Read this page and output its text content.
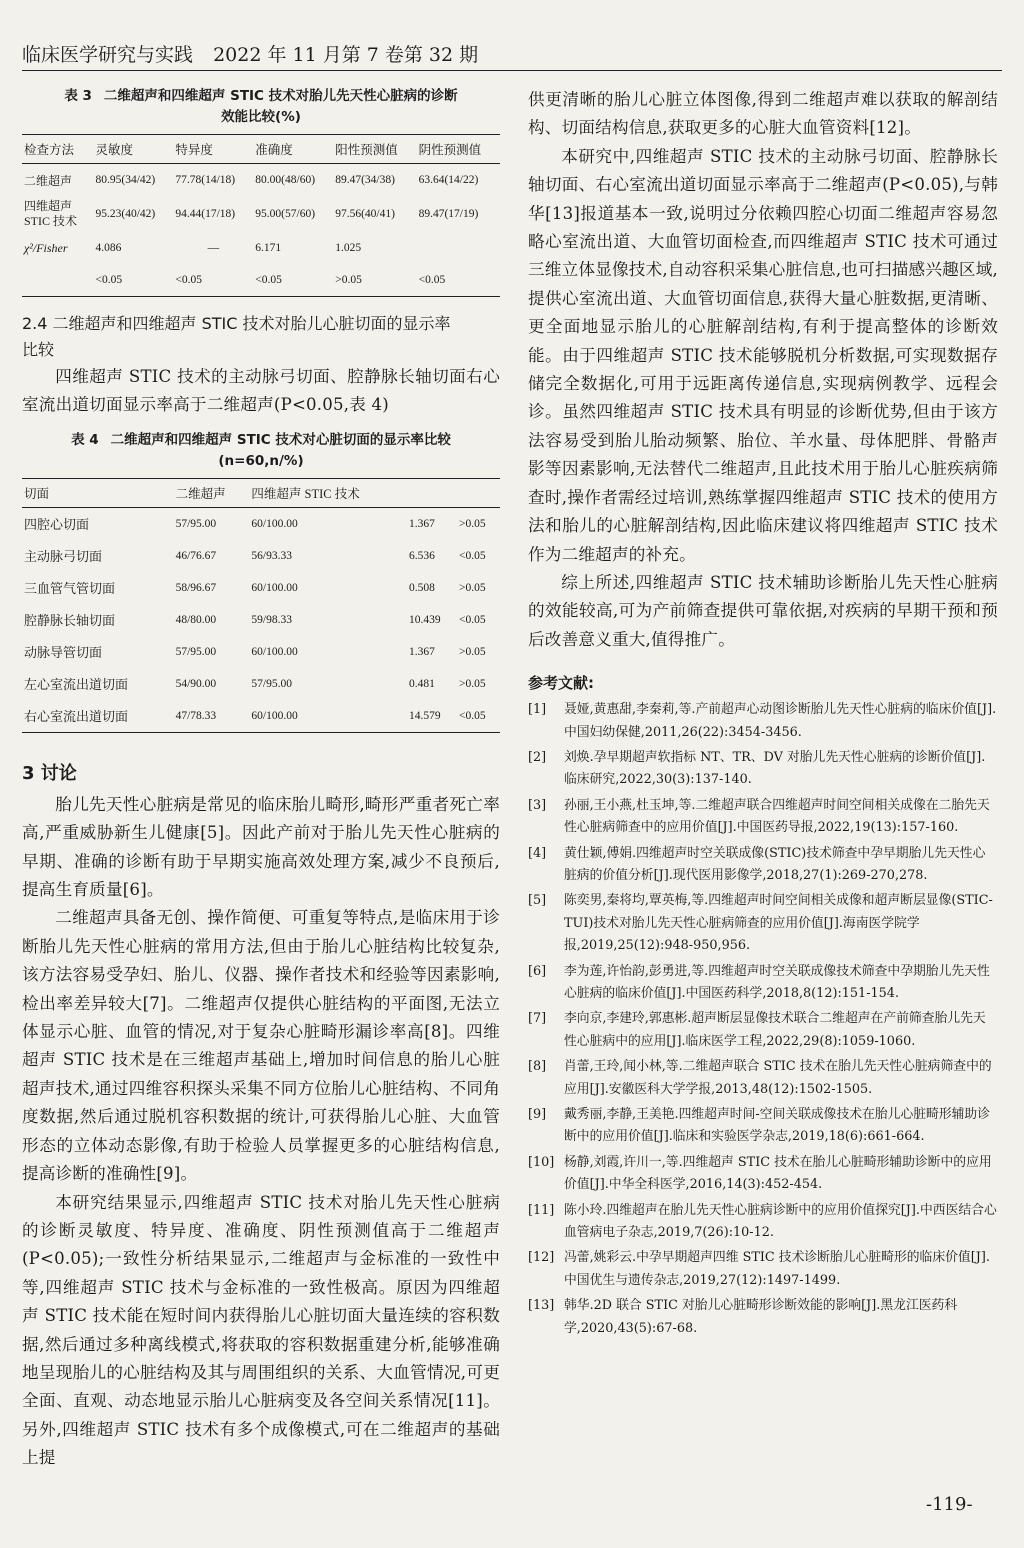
临床医学研究与实践 2022 年 11 月第 7 卷第 32 期
表 3 二维超声和四维超声 STIC 技术对胎儿先天性心脏病的诊断
效能比较(%)
检查方法	灵敏度	特异度	准确度	阳性预测值	阴性预测值
二维超声	80.95(34/42)	77.78(14/18)	80.00(48/60)	89.47(34/38)	63.64(14/22)
四维超声
STIC 技术	95.23(40/42)	94.44(17/18)	95.00(57/60)	97.56(40/41)	89.47(17/19)
χ²/Fisher	4.086	—	6.171	1.025	
	<0.05	<0.05	<0.05	>0.05	<0.05
2.4 二维超声和四维超声 STIC 技术对胎儿心脏切面的显示率
比较

四维超声 STIC 技术的主动脉弓切面、腔静脉长轴切面右心室流出道切面显示率高于二维超声(P<0.05,表 4)

表 4 二维超声和四维超声 STIC 技术对心脏切面的显示率比较
(n=60,n/%)
切面	二维超声	四维超声 STIC 技术		
四腔心切面	57/95.00	60/100.00	1.367	>0.05
主动脉弓切面	46/76.67	56/93.33	6.536	<0.05
三血管气管切面	58/96.67	60/100.00	0.508	>0.05
腔静脉长轴切面	48/80.00	59/98.33	10.439	<0.05
动脉导管切面	57/95.00	60/100.00	1.367	>0.05
左心室流出道切面	54/90.00	57/95.00	0.481	>0.05
右心室流出道切面	47/78.33	60/100.00	14.579	<0.05
3 讨论

胎儿先天性心脏病是常见的临床胎儿畸形,畸形严重者死亡率高,严重威胁新生儿健康[5]。因此产前对于胎儿先天性心脏病的早期、准确的诊断有助于早期实施高效处理方案,减少不良预后,提高生育质量[6]。

二维超声具备无创、操作简便、可重复等特点,是临床用于诊断胎儿先天性心脏病的常用方法,但由于胎儿心脏结构比较复杂,该方法容易受孕妇、胎儿、仪器、操作者技术和经验等因素影响,检出率差异较大[7]。二维超声仅提供心脏结构的平面图,无法立体显示心脏、血管的情况,对于复杂心脏畸形漏诊率高[8]。四维超声 STIC 技术是在三维超声基础上,增加时间信息的胎儿心脏超声技术,通过四维容积探头采集不同方位胎儿心脏结构、不同角度数据,然后通过脱机容积数据的统计,可获得胎儿心脏、大血管形态的立体动态影像,有助于检验人员掌握更多的心脏结构信息,提高诊断的准确性[9]。

本研究结果显示,四维超声 STIC 技术对胎儿先天性心脏病的诊断灵敏度、特异度、准确度、阴性预测值高于二维超声(P<0.05);一致性分析结果显示,二维超声与金标准的一致性中等,四维超声 STIC 技术与金标准的一致性极高。原因为四维超声 STIC 技术能在短时间内获得胎儿心脏切面大量连续的容积数据,然后通过多种离线模式,将获取的容积数据重建分析,能够准确地呈现胎儿的心脏结构及其与周围组织的关系、大血管情况,可更全面、直观、动态地显示胎儿心脏病变及各空间关系情况[11]。另外,四维超声 STIC 技术有多个成像模式,可在二维超声的基础上提

供更清晰的胎儿心脏立体图像,得到二维超声难以获取的解剖结构、切面结构信息,获取更多的心脏大血管资料[12]。

本研究中,四维超声 STIC 技术的主动脉弓切面、腔静脉长轴切面、右心室流出道切面显示率高于二维超声(P<0.05),与韩华[13]报道基本一致,说明过分依赖四腔心切面二维超声容易忽略心室流出道、大血管切面检查,而四维超声 STIC 技术可通过三维立体显像技术,自动容积采集心脏信息,也可扫描感兴趣区域,提供心室流出道、大血管切面信息,获得大量心脏数据,更清晰、更全面地显示胎儿的心脏解剖结构,有利于提高整体的诊断效能。由于四维超声 STIC 技术能够脱机分析数据,可实现数据存储完全数据化,可用于远距离传递信息,实现病例教学、远程会诊。虽然四维超声 STIC 技术具有明显的诊断优势,但由于该方法容易受到胎儿胎动频繁、胎位、羊水量、母体肥胖、骨骼声影等因素影响,无法替代二维超声,且此技术用于胎儿心脏疾病筛查时,操作者需经过培训,熟练掌握四维超声 STIC 技术的使用方法和胎儿的心脏解剖结构,因此临床建议将四维超声 STIC 技术作为二维超声的补充。

综上所述,四维超声 STIC 技术辅助诊断胎儿先天性心脏病的效能较高,可为产前筛查提供可靠依据,对疾病的早期干预和预后改善意义重大,值得推广。

参考文献:
[1] 聂娅,黄惠甜,李秦莉,等.产前超声心动图诊断胎儿先天性心脏病的临床价值[J].中国妇幼保健,2011,26(22):3454-3456.
[2] 刘焕.孕早期超声软指标 NT、TR、DV 对胎儿先天性心脏病的诊断价值[J].临床研究,2022,30(3):137-140.
[3] 孙丽,王小燕,杜玉坤,等.二维超声联合四维超声时间空间相关成像在二胎先天性心脏病筛查中的应用价值[J].中国医药导报,2022,19(13):157-160.
[4] 黄仕颖,傅娟.四维超声时空关联成像(STIC)技术筛查中孕早期胎儿先天性心脏病的价值分析[J].现代医用影像学,2018,27(1):269-270,278.
[5] 陈奕男,秦将均,覃英梅,等.四维超声时间空间相关成像和超声断层显像(STIC-TUI)技术对胎儿先天性心脏病筛查的应用价值[J].海南医学院学报,2019,25(12):948-950,956.
[6] 李为莲,许怡韵,彭勇进,等.四维超声时空关联成像技术筛查中孕期胎儿先天性心脏病的临床价值[J].中国医药科学,2018,8(12):151-154.
[7] 李向京,李建玲,郭惠彬.超声断层显像技术联合二维超声在产前筛查胎儿先天性心脏病中的应用[J].临床医学工程,2022,29(8):1059-1060.
[8] 肖蕾,王玲,闻小林,等.二维超声联合 STIC 技术在胎儿先天性心脏病筛查中的应用[J].安徽医科大学学报,2013,48(12):1502-1505.
[9] 戴秀丽,李静,王美艳.四维超声时间-空间关联成像技术在胎儿心脏畸形辅助诊断中的应用价值[J].临床和实验医学杂志,2019,18(6):661-664.
[10] 杨静,刘霞,许川一,等.四维超声 STIC 技术在胎儿心脏畸形辅助诊断中的应用价值[J].中华全科医学,2016,14(3):452-454.
[11] 陈小玲.四维超声在胎儿先天性心脏病诊断中的应用价值探究[J].中西医结合心血管病电子杂志,2019,7(26):10-12.
[12] 冯蕾,姚彩云.中孕早期超声四维 STIC 技术诊断胎儿心脏畸形的临床价值[J].中国优生与遗传杂志,2019,27(12):1497-1499.
[13] 韩华.2D 联合 STIC 对胎儿心脏畸形诊断效能的影响[J].黑龙江医药科学,2020,43(5):67-68.
-119-
